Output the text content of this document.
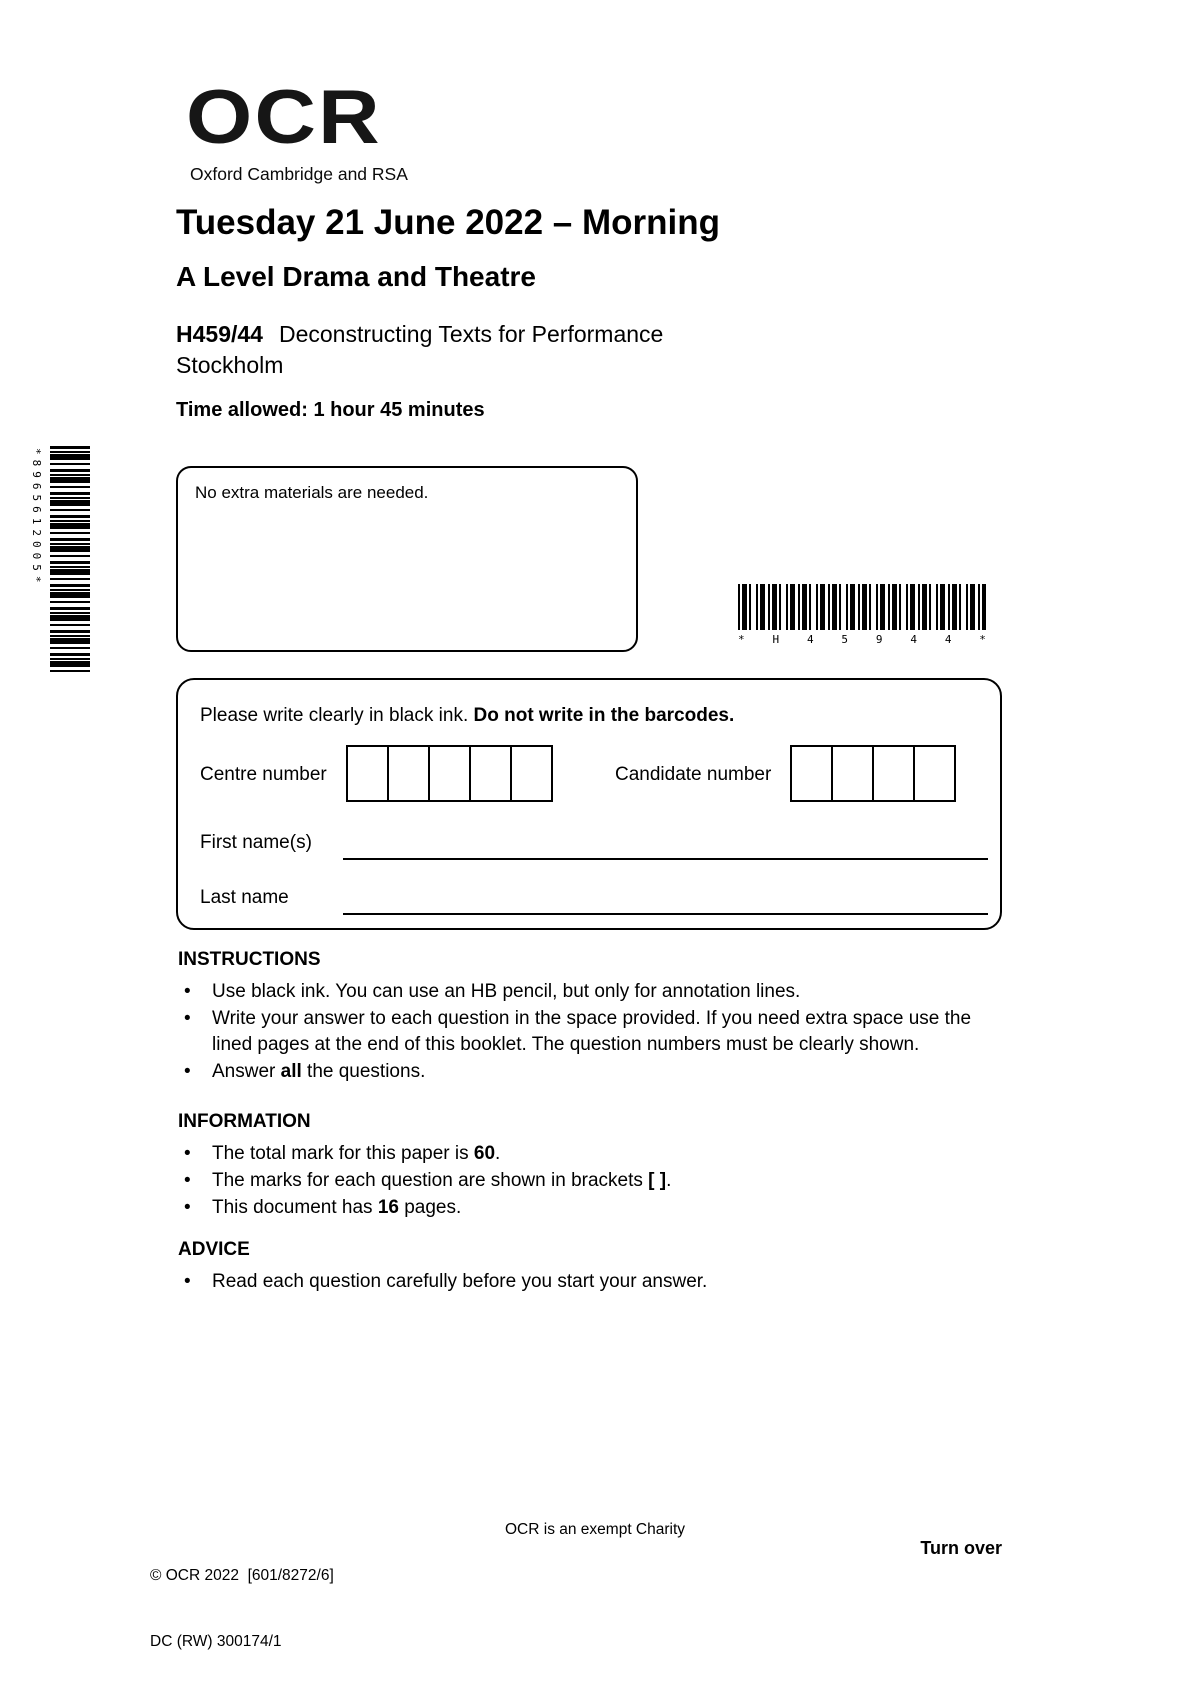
OCR
Oxford Cambridge and RSA
Tuesday 21 June 2022 – Morning
A Level Drama and Theatre
H459/44 Deconstructing Texts for Performance
Stockholm
Time allowed: 1 hour 45 minutes
No extra materials are needed.
*8965612005*
*	H	4	5	9	4	4	*
Please write clearly in black ink. Do not write in the barcodes.
Centre number	Candidate number
First name(s)
Last name
INSTRUCTIONS
•	Use black ink. You can use an HB pencil, but only for annotation lines.
•	Write your answer to each question in the space provided. If you need extra space use the lined pages at the end of this booklet. The question numbers must be clearly shown.
•	Answer all the questions.
INFORMATION
•	The total mark for this paper is 60.
•	The marks for each question are shown in brackets [ ].
•	This document has 16 pages.
ADVICE
•	Read each question carefully before you start your answer.

© OCR 2022  [601/8272/6]

DC (RW) 300174/1

OCR is an exempt Charity
Turn over
